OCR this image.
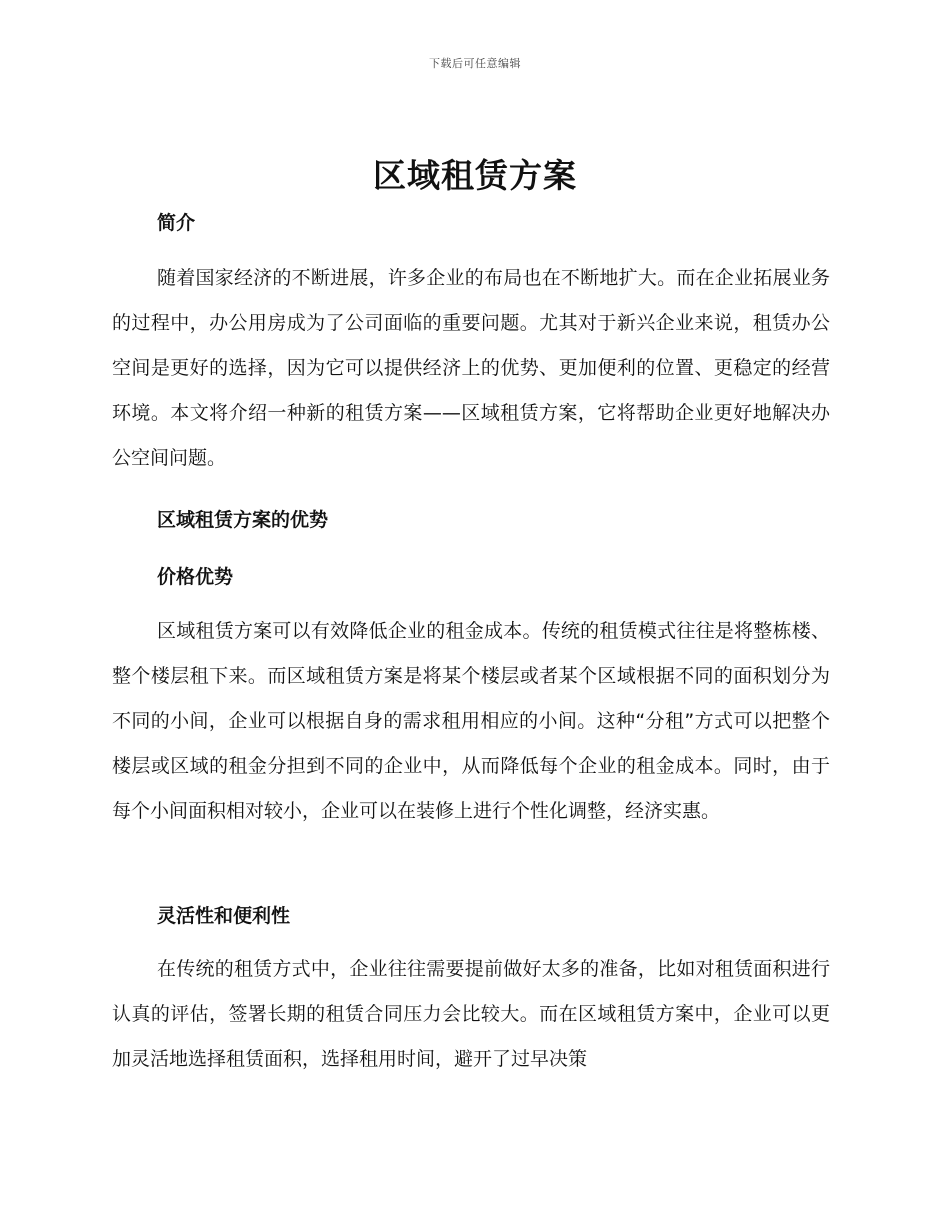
下载后可任意编辑
区域租赁方案
简介

随着国家经济的不断进展，许多企业的布局也在不断地扩大。而在企业拓展业务的过程中，办公用房成为了公司面临的重要问题。尤其对于新兴企业来说，租赁办公空间是更好的选择，因为它可以提供经济上的优势、更加便利的位置、更稳定的经营环境。本文将介绍一种新的租赁方案——区域租赁方案，它将帮助企业更好地解决办公空间问题。

区域租赁方案的优势
价格优势

区域租赁方案可以有效降低企业的租金成本。传统的租赁模式往往是将整栋楼、整个楼层租下来。而区域租赁方案是将某个楼层或者某个区域根据不同的面积划分为不同的小间，企业可以根据自身的需求租用相应的小间。这种“分租”方式可以把整个楼层或区域的租金分担到不同的企业中，从而降低每个企业的租金成本。同时，由于每个小间面积相对较小，企业可以在装修上进行个性化调整，经济实惠。

灵活性和便利性

在传统的租赁方式中，企业往往需要提前做好太多的准备，比如对租赁面积进行认真的评估，签署长期的租赁合同压力会比较大。而在区域租赁方案中，企业可以更加灵活地选择租赁面积，选择租用时间，避开了过早决策
